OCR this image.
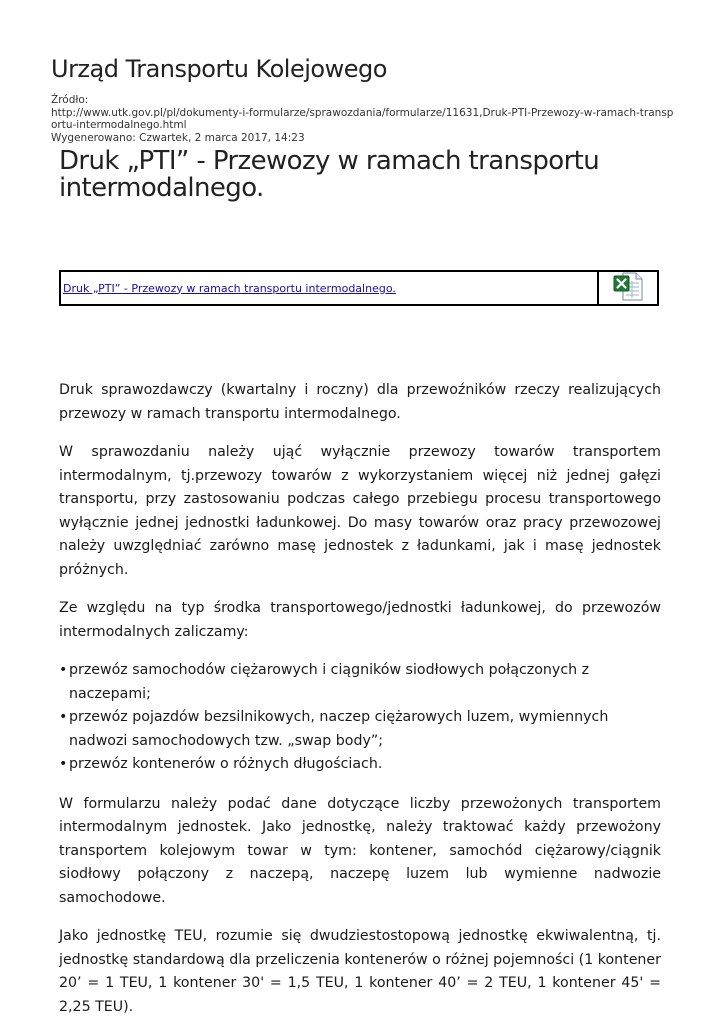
Urząd Transportu Kolejowego
Źródło:
http://www.utk.gov.pl/pl/dokumenty-i-formularze/sprawozdania/formularze/11631,Druk-PTI-Przewozy-w-ramach-transp
ortu-intermodalnego.html
Wygenerowano: Czwartek, 2 marca 2017, 14:23
Druk „PTI” - Przewozy w ramach transportu intermodalnego.
Druk „PTI” - Przewozy w ramach transportu intermodalnego.

Druk sprawozdawczy (kwartalny i roczny) dla przewoźników rzeczy realizujących przewozy w ramach transportu intermodalnego.

W sprawozdaniu należy ująć wyłącznie przewozy towarów transportem intermodalnym, tj.przewozy towarów z wykorzystaniem więcej niż jednej gałęzi transportu, przy zastosowaniu podczas całego przebiegu procesu transportowego wyłącznie jednej jednostki ładunkowej. Do masy towarów oraz pracy przewozowej należy uwzględniać zarówno masę jednostek z ładunkami, jak i masę jednostek próżnych.

Ze względu na typ środka transportowego/jednostki ładunkowej, do przewozów intermodalnych zaliczamy:

• przewóz samochodów ciężarowych i ciągników siodłowych połączonych z naczepami;
• przewóz pojazdów bezsilnikowych, naczep ciężarowych luzem, wymiennych nadwozi samochodowych tzw. „swap body”;
• przewóz kontenerów o różnych długościach.

W formularzu należy podać dane dotyczące liczby przewożonych transportem intermodalnym jednostek. Jako jednostkę, należy traktować każdy przewożony transportem kolejowym towar w tym: kontener, samochód ciężarowy/ciągnik siodłowy połączony z naczepą, naczepę luzem lub wymienne nadwozie samochodowe.

Jako jednostkę TEU, rozumie się dwudziestostopową jednostkę ekwiwalentną, tj. jednostkę standardową dla przeliczenia kontenerów o różnej pojemności (1 kontener 20’ = 1 TEU, 1 kontener 30' = 1,5 TEU, 1 kontener 40’ = 2 TEU, 1 kontener 45' = 2,25 TEU).
